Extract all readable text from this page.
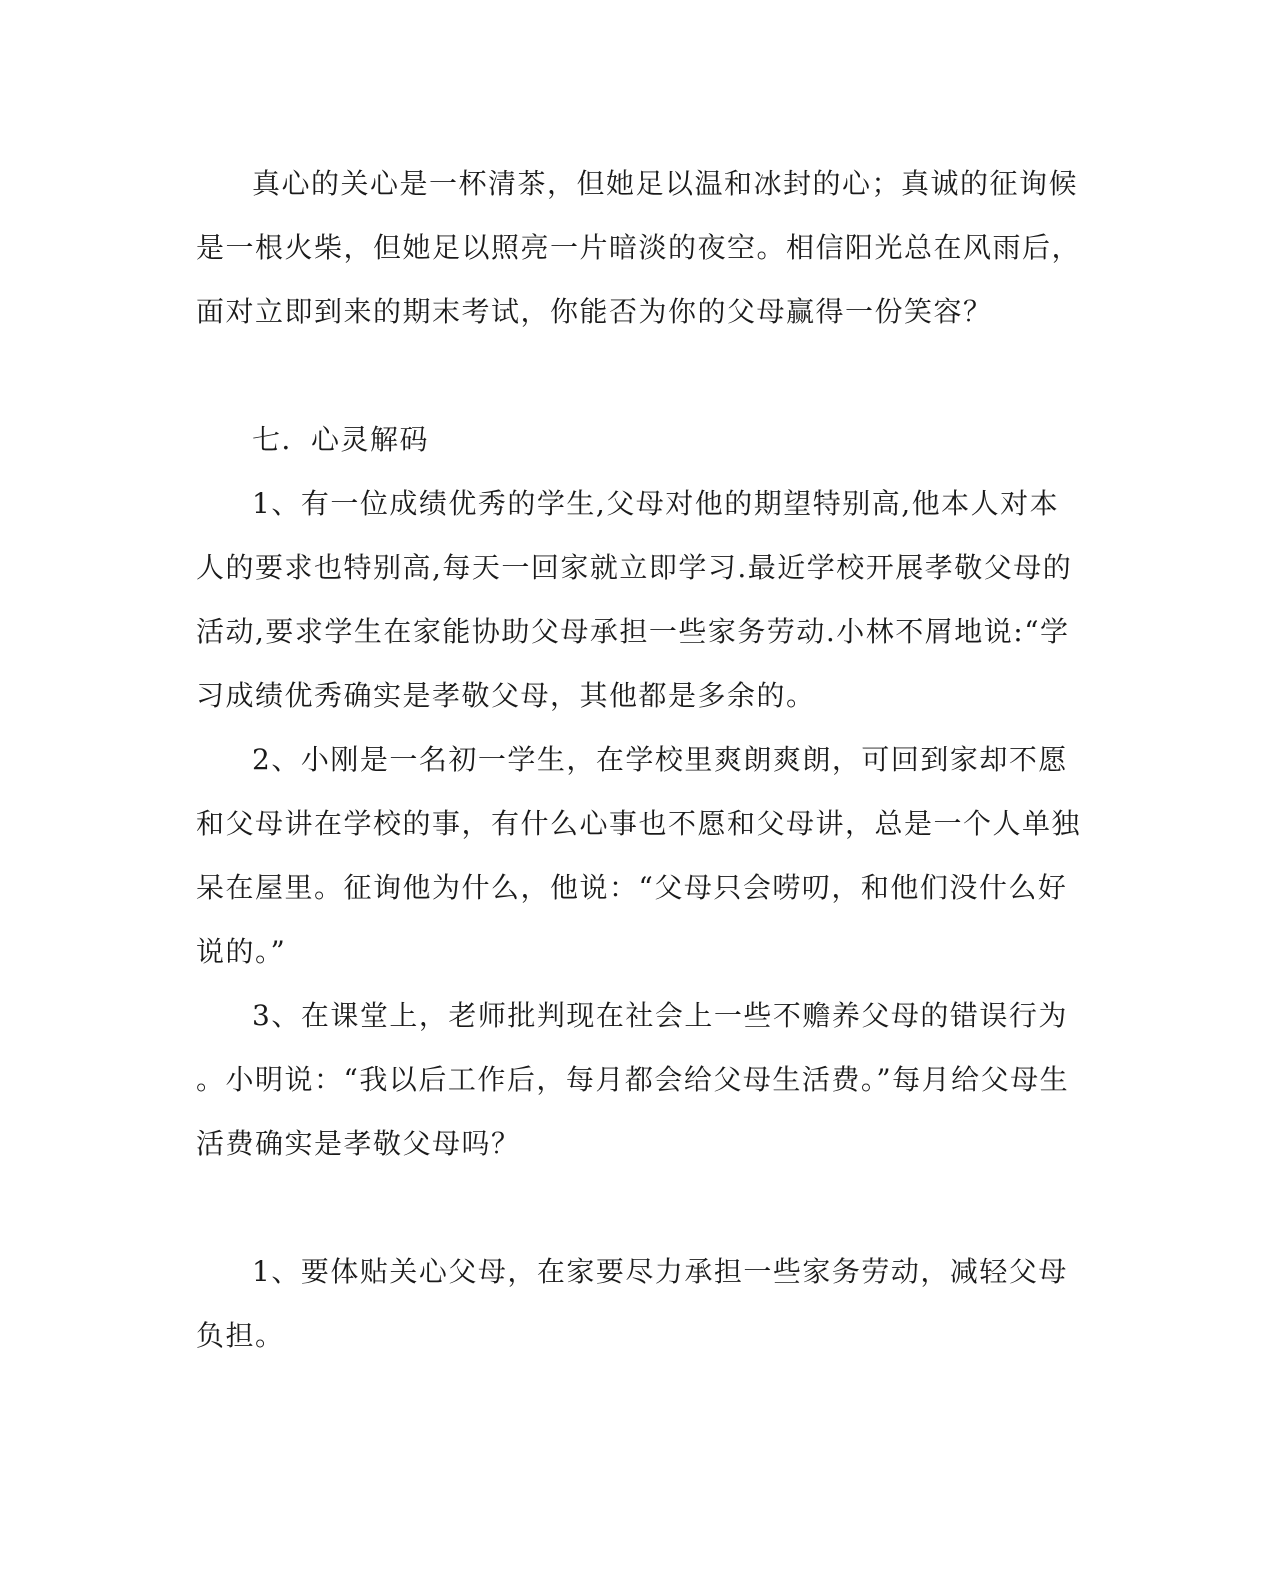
真心的关心是一杯清茶，但她足以温和冰封的心；真诚的征询候
是一根火柴，但她足以照亮一片暗淡的夜空。相信阳光总在风雨后，
面对立即到来的期末考试，你能否为你的父母赢得一份笑容？
七．心灵解码
1、有一位成绩优秀的学生,父母对他的期望特别高,他本人对本
人的要求也特别高,每天一回家就立即学习.最近学校开展孝敬父母的
活动,要求学生在家能协助父母承担一些家务劳动.小林不屑地说:“学
习成绩优秀确实是孝敬父母，其他都是多余的。
2、小刚是一名初一学生，在学校里爽朗爽朗，可回到家却不愿
和父母讲在学校的事，有什么心事也不愿和父母讲，总是一个人单独
呆在屋里。征询他为什么，他说：“父母只会唠叨，和他们没什么好
说的。”
3、在课堂上，老师批判现在社会上一些不赡养父母的错误行为
。小明说：“我以后工作后，每月都会给父母生活费。”每月给父母生
活费确实是孝敬父母吗？
1、要体贴关心父母，在家要尽力承担一些家务劳动，减轻父母
负担。
